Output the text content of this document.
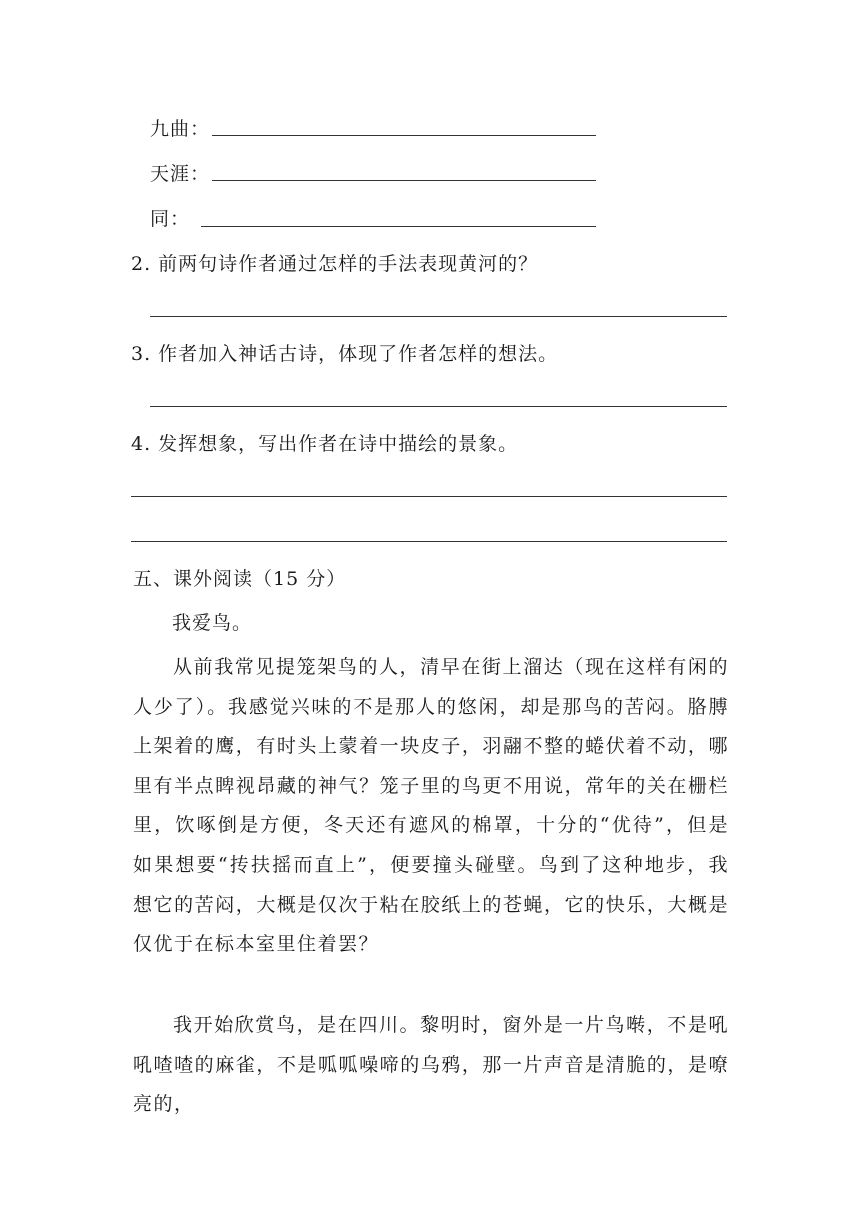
九曲：
天涯：
同：
2. 前两句诗作者通过怎样的手法表现黄河的？
3. 作者加入神话古诗，体现了作者怎样的想法。
4. 发挥想象，写出作者在诗中描绘的景象。
五、课外阅读（15 分）
我爱鸟。
从前我常见提笼架鸟的人，清早在街上溜达（现在这样有闲的人少了）。我感觉兴味的不是那人的悠闲，却是那鸟的苦闷。胳膊上架着的鹰，有时头上蒙着一块皮子，羽翮不整的蜷伏着不动，哪里有半点睥视昂藏的神气？笼子里的鸟更不用说，常年的关在栅栏里，饮啄倒是方便，冬天还有遮风的棉罩，十分的“优待”，但是如果想要“抟扶摇而直上”，便要撞头碰壁。鸟到了这种地步，我想它的苦闷，大概是仅次于粘在胶纸上的苍蝇，它的快乐，大概是仅优于在标本室里住着罢？
我开始欣赏鸟，是在四川。黎明时，窗外是一片鸟啭，不是吼吼喳喳的麻雀，不是呱呱噪啼的乌鸦，那一片声音是清脆的，是嘹亮的，
